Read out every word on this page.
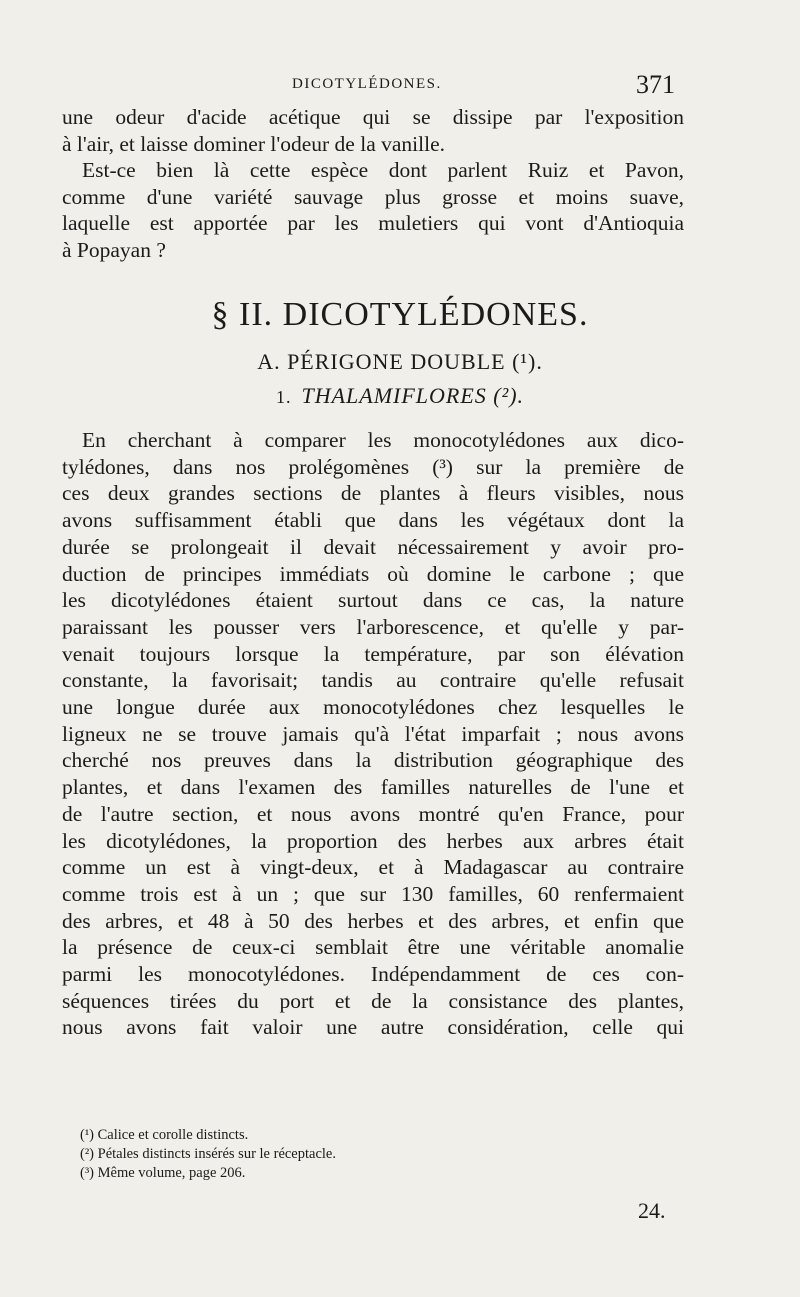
DICOTYLÉDONES.	371

une odeur d'acide acétique qui se dissipe par l'exposition
à l'air, et laisse dominer l'odeur de la vanille.

Est-ce bien là cette espèce dont parlent Ruiz et Pavon,
comme d'une variété sauvage plus grosse et moins suave,
laquelle est apportée par les muletiers qui vont d'Antioquia
à Popayan ?

§ II. DICOTYLÉDONES.
A. PÉRIGONE DOUBLE (¹).
1. THALAMIFLORES (²).
En cherchant à comparer les monocotylédones aux dico-
tylédones, dans nos prolégomènes (³) sur la première de
ces deux grandes sections de plantes à fleurs visibles, nous
avons suffisamment établi que dans les végétaux dont la
durée se prolongeait il devait nécessairement y avoir pro-
duction de principes immédiats où domine le carbone ; que
les dicotylédones étaient surtout dans ce cas, la nature
paraissant les pousser vers l'arborescence, et qu'elle y par-
venait toujours lorsque la température, par son élévation
constante, la favorisait; tandis au contraire qu'elle refusait
une longue durée aux monocotylédones chez lesquelles le
ligneux ne se trouve jamais qu'à l'état imparfait ; nous avons
cherché nos preuves dans la distribution géographique des
plantes, et dans l'examen des familles naturelles de l'une et
de l'autre section, et nous avons montré qu'en France, pour
les dicotylédones, la proportion des herbes aux arbres était
comme un est à vingt-deux, et à Madagascar au contraire
comme trois est à un ; que sur 130 familles, 60 renfermaient
des arbres, et 48 à 50 des herbes et des arbres, et enfin que
la présence de ceux-ci semblait être une véritable anomalie
parmi les monocotylédones. Indépendamment de ces con-
séquences tirées du port et de la consistance des plantes,
nous avons fait valoir une autre considération, celle qui
(¹) Calice et corolle distincts.
(²) Pétales distincts insérés sur le réceptacle.
(³) Même volume, page 206.
24.
